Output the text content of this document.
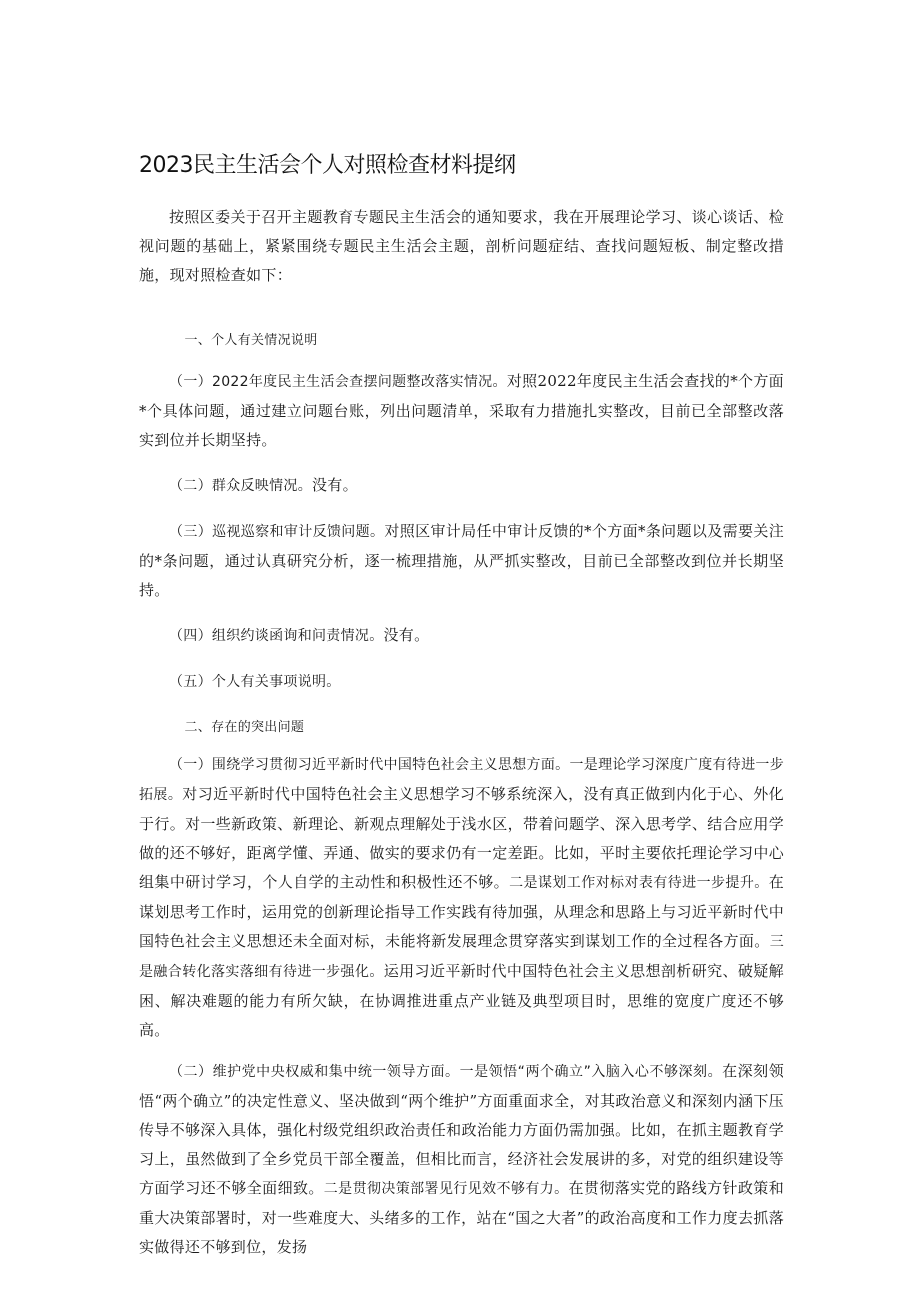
2023民主生活会个人对照检查材料提纲

按照区委关于召开主题教育专题民主生活会的通知要求，我在开展理论学习、谈心谈话、检视问题的基础上，紧紧围绕专题民主生活会主题，剖析问题症结、查找问题短板、制定整改措施，现对照检查如下：

一、个人有关情况说明

（一）2022年度民主生活会查摆问题整改落实情况。对照2022年度民主生活会查找的*个方面*个具体问题，通过建立问题台账，列出问题清单，采取有力措施扎实整改，目前已全部整改落实到位并长期坚持。

（二）群众反映情况。没有。

（三）巡视巡察和审计反馈问题。对照区审计局任中审计反馈的*个方面*条问题以及需要关注的*条问题，通过认真研究分析，逐一梳理措施，从严抓实整改，目前已全部整改到位并长期坚持。

（四）组织约谈函询和问责情况。没有。

（五）个人有关事项说明。

二、存在的突出问题

（一）围绕学习贯彻习近平新时代中国特色社会主义思想方面。一是理论学习深度广度有待进一步拓展。对习近平新时代中国特色社会主义思想学习不够系统深入，没有真正做到内化于心、外化于行。对一些新政策、新理论、新观点理解处于浅水区，带着问题学、深入思考学、结合应用学做的还不够好，距离学懂、弄通、做实的要求仍有一定差距。比如，平时主要依托理论学习中心组集中研讨学习，个人自学的主动性和积极性还不够。二是谋划工作对标对表有待进一步提升。在谋划思考工作时，运用党的创新理论指导工作实践有待加强，从理念和思路上与习近平新时代中国特色社会主义思想还未全面对标，未能将新发展理念贯穿落实到谋划工作的全过程各方面。三是融合转化落实落细有待进一步强化。运用习近平新时代中国特色社会主义思想剖析研究、破疑解困、解决难题的能力有所欠缺，在协调推进重点产业链及典型项目时，思维的宽度广度还不够高。

（二）维护党中央权威和集中统一领导方面。一是领悟“两个确立”入脑入心不够深刻。在深刻领悟“两个确立”的决定性意义、坚决做到“两个维护”方面重面求全，对其政治意义和深刻内涵下压传导不够深入具体，强化村级党组织政治责任和政治能力方面仍需加强。比如，在抓主题教育学习上，虽然做到了全乡党员干部全覆盖，但相比而言，经济社会发展讲的多，对党的组织建设等方面学习还不够全面细致。二是贯彻决策部署见行见效不够有力。在贯彻落实党的路线方针政策和重大决策部署时，对一些难度大、头绪多的工作，站在“国之大者”的政治高度和工作力度去抓落实做得还不够到位，发扬
